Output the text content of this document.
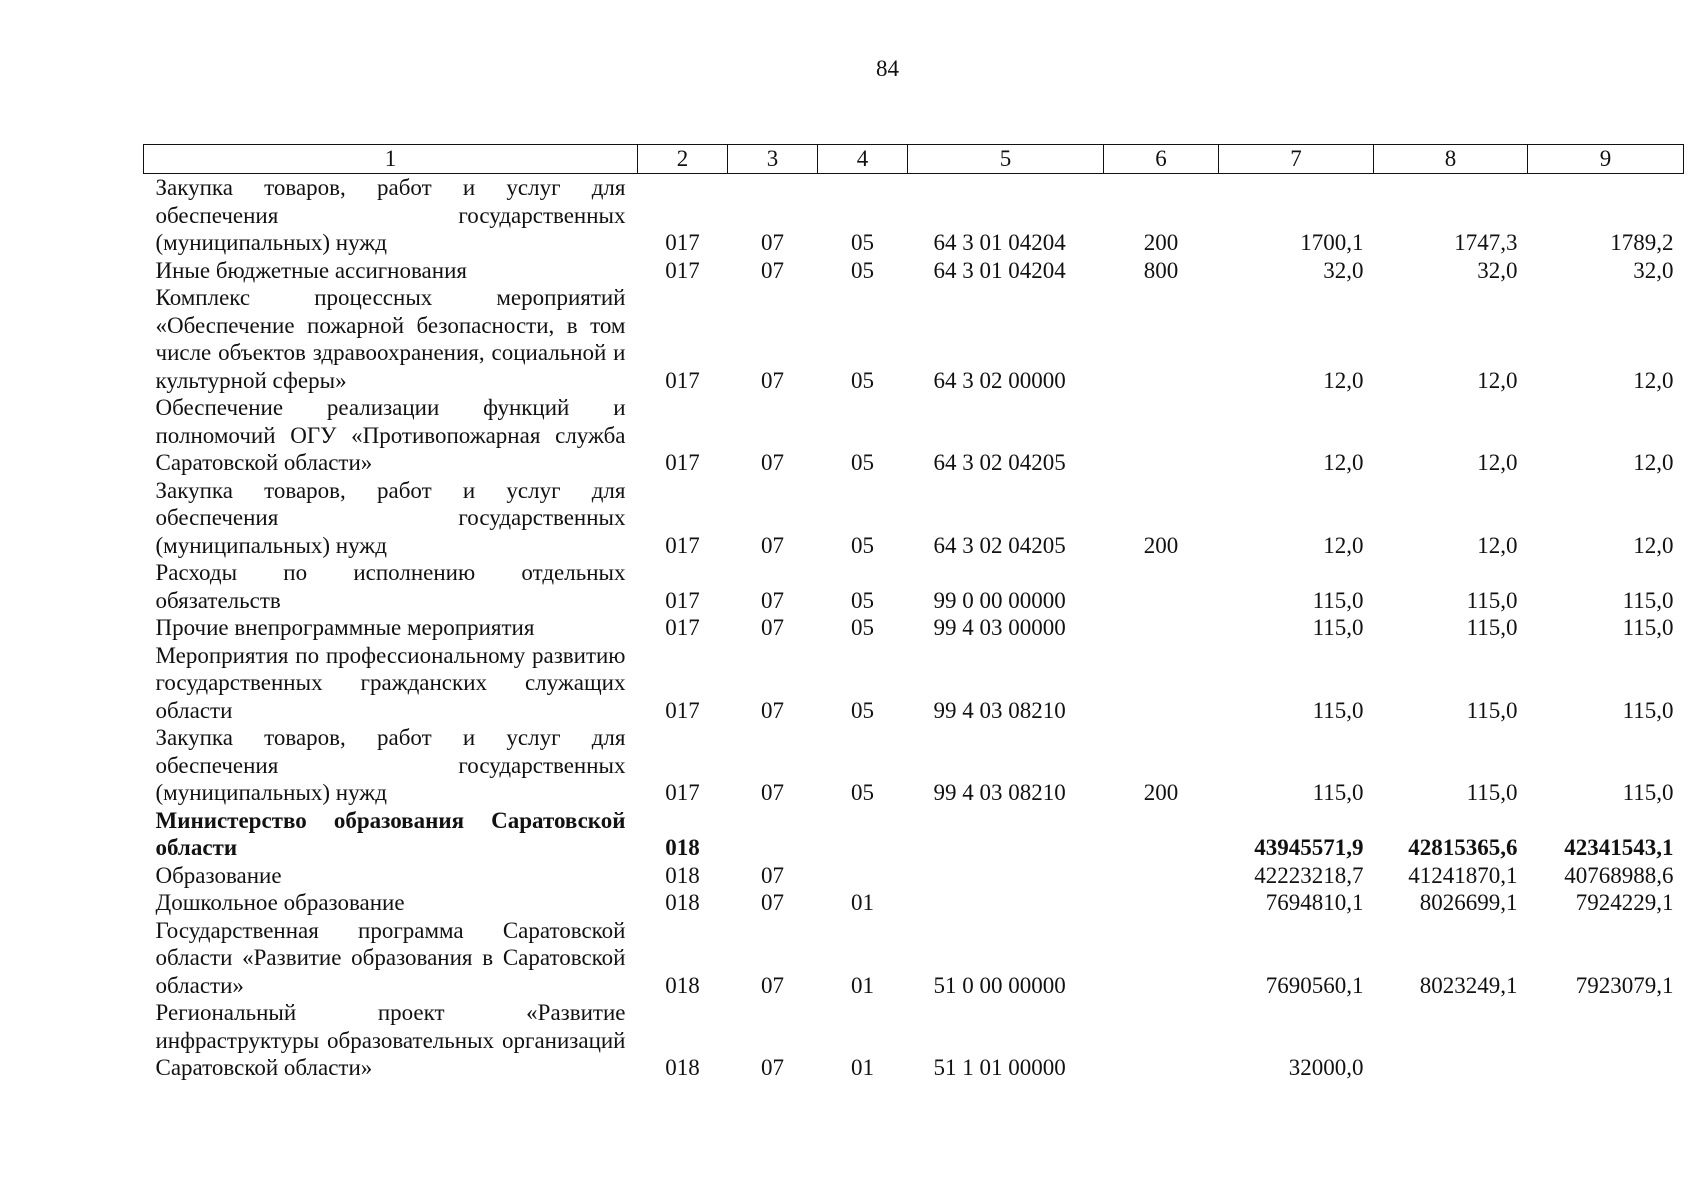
84
1	2	3	4	5	6	7	8	9
Закупка товаров, работ и услуг для обеспечения государственных (муниципальных) нужд	017	07	05	64 3 01 04204	200	1700,1	1747,3	1789,2
Иные бюджетные ассигнования	017	07	05	64 3 01 04204	800	32,0	32,0	32,0
Комплекс процессных мероприятий «Обеспечение пожарной безопасности, в том числе объектов здравоохранения, социальной и культурной сферы»	017	07	05	64 3 02 00000		12,0	12,0	12,0
Обеспечение реализации функций и полномочий ОГУ «Противопожарная служба Саратовской области»	017	07	05	64 3 02 04205		12,0	12,0	12,0
Закупка товаров, работ и услуг для обеспечения государственных (муниципальных) нужд	017	07	05	64 3 02 04205	200	12,0	12,0	12,0
Расходы по исполнению отдельных обязательств	017	07	05	99 0 00 00000		115,0	115,0	115,0
Прочие внепрограммные мероприятия	017	07	05	99 4 03 00000		115,0	115,0	115,0
Мероприятия по профессиональному развитию государственных гражданских служащих области	017	07	05	99 4 03 08210		115,0	115,0	115,0
Закупка товаров, работ и услуг для обеспечения государственных (муниципальных) нужд	017	07	05	99 4 03 08210	200	115,0	115,0	115,0
Министерство образования Саратовской области	018					43945571,9	42815365,6	42341543,1
Образование	018	07				42223218,7	41241870,1	40768988,6
Дошкольное образование	018	07	01			7694810,1	8026699,1	7924229,1
Государственная программа Саратовской области «Развитие образования в Саратовской области»	018	07	01	51 0 00 00000		7690560,1	8023249,1	7923079,1
Региональный проект «Развитие инфраструктуры образовательных организаций Саратовской области»	018	07	01	51 1 01 00000		32000,0		
